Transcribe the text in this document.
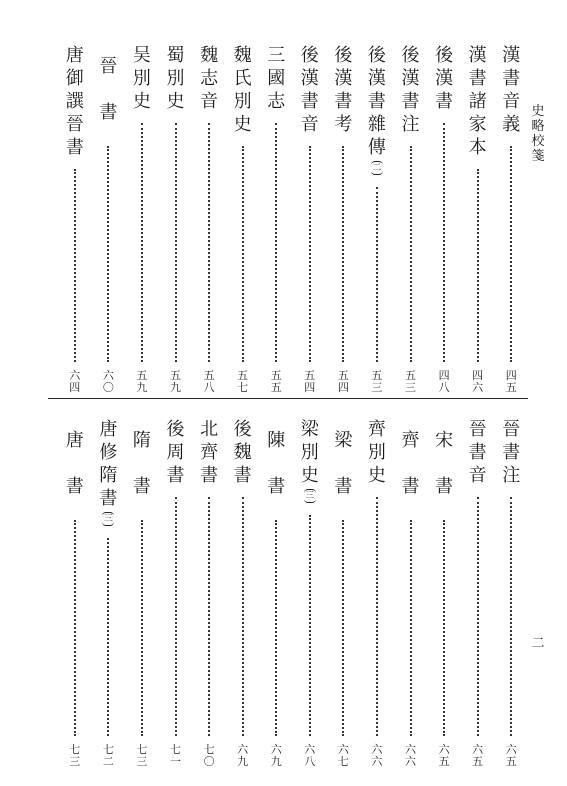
史略校箋
二
漢書音義
四五
漢書諸家本
四六
後漢書
四八
後漢書注
五三
後漢書雜傳
二
五三
後漢書考
五四
後漢書音
五四
三國志
五五
魏氏別史
五七
魏志音
五八
蜀別史
五九
吴別史
五九
晉書
六〇
唐御譔晉書
六四
晉書注
六五
晉書音
六五
宋書
六五
齊書
六六
齊別史
六六
梁書
六七
梁別史
三
六八
陳書
六九
後魏書
六九
北齊書
七〇
後周書
七一
隋書
七三
唐修隋書
三
七二
唐書
七三
